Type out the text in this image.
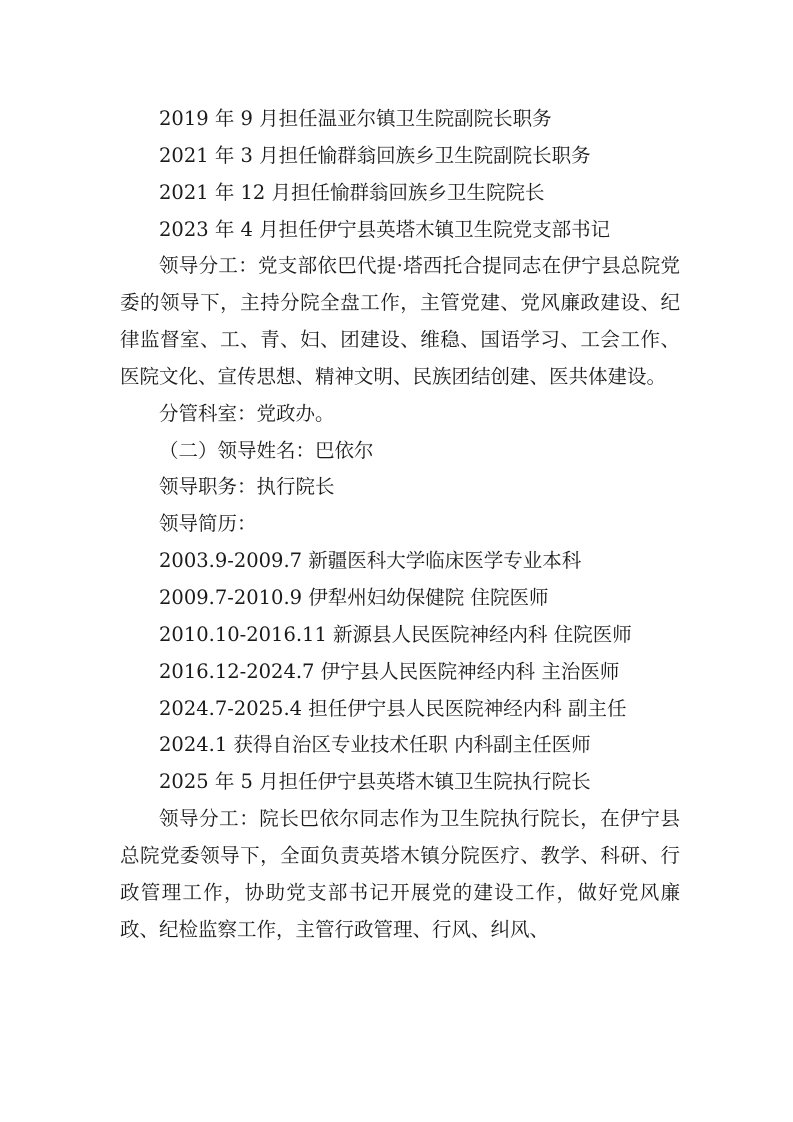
2019 年 9 月担任温亚尔镇卫生院副院长职务
2021 年 3 月担任愉群翁回族乡卫生院副院长职务
2021 年 12 月担任愉群翁回族乡卫生院院长
2023 年 4 月担任伊宁县英塔木镇卫生院党支部书记
领导分工：党支部依巴代提·塔西托合提同志在伊宁县总院党委的领导下，主持分院全盘工作，主管党建、党风廉政建设、纪律监督室、工、青、妇、团建设、维稳、国语学习、工会工作、医院文化、宣传思想、精神文明、民族团结创建、医共体建设。
分管科室：党政办。
（二）领导姓名：巴依尔
领导职务：执行院长
领导简历：
2003.9-2009.7 新疆医科大学临床医学专业本科
2009.7-2010.9 伊犁州妇幼保健院 住院医师
2010.10-2016.11 新源县人民医院神经内科 住院医师
2016.12-2024.7 伊宁县人民医院神经内科 主治医师
2024.7-2025.4 担任伊宁县人民医院神经内科 副主任
2024.1 获得自治区专业技术任职 内科副主任医师
2025 年 5 月担任伊宁县英塔木镇卫生院执行院长
领导分工：院长巴依尔同志作为卫生院执行院长，在伊宁县总院党委领导下，全面负责英塔木镇分院医疗、教学、科研、行政管理工作，协助党支部书记开展党的建设工作，做好党风廉政、纪检监察工作，主管行政管理、行风、纠风、
